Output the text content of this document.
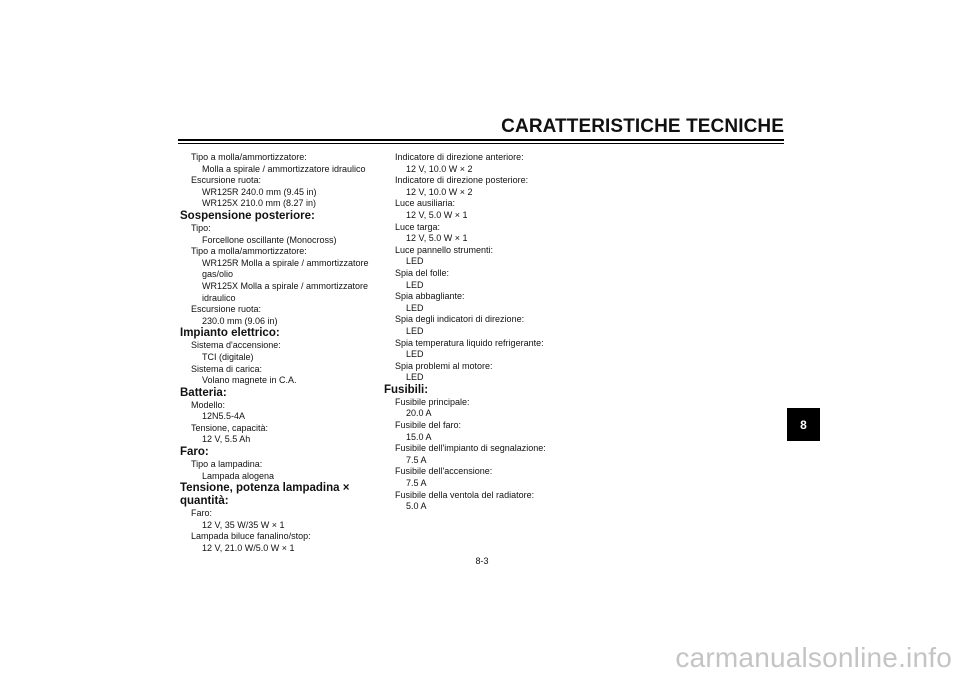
CARATTERISTICHE TECNICHE
Tipo a molla/ammortizzatore:
Molla a spirale / ammortizzatore idraulico
Escursione ruota:
WR125R 240.0 mm (9.45 in)
WR125X 210.0 mm (8.27 in)
Sospensione posteriore:
Tipo:
Forcellone oscillante (Monocross)
Tipo a molla/ammortizzatore:
WR125R Molla a spirale / ammortizzatore gas/olio
WR125X Molla a spirale / ammortizzatore idraulico
Escursione ruota:
230.0 mm (9.06 in)
Impianto elettrico:
Sistema d'accensione:
TCI (digitale)
Sistema di carica:
Volano magnete in C.A.
Batteria:
Modello:
12N5.5-4A
Tensione, capacità:
12 V, 5.5 Ah
Faro:
Tipo a lampadina:
Lampada alogena
Tensione, potenza lampadina × quantità:
Faro:
12 V, 35 W/35 W × 1
Lampada biluce fanalino/stop:
12 V, 21.0 W/5.0 W × 1
Indicatore di direzione anteriore:
12 V, 10.0 W × 2
Indicatore di direzione posteriore:
12 V, 10.0 W × 2
Luce ausiliaria:
12 V, 5.0 W × 1
Luce targa:
12 V, 5.0 W × 1
Luce pannello strumenti:
LED
Spia del folle:
LED
Spia abbagliante:
LED
Spia degli indicatori di direzione:
LED
Spia temperatura liquido refrigerante:
LED
Spia problemi al motore:
LED
Fusibili:
Fusibile principale:
20.0 A
Fusibile del faro:
15.0 A
Fusibile dell'impianto di segnalazione:
7.5 A
Fusibile dell'accensione:
7.5 A
Fusibile della ventola del radiatore:
5.0 A
8
8-3
carmanualsonline.info
